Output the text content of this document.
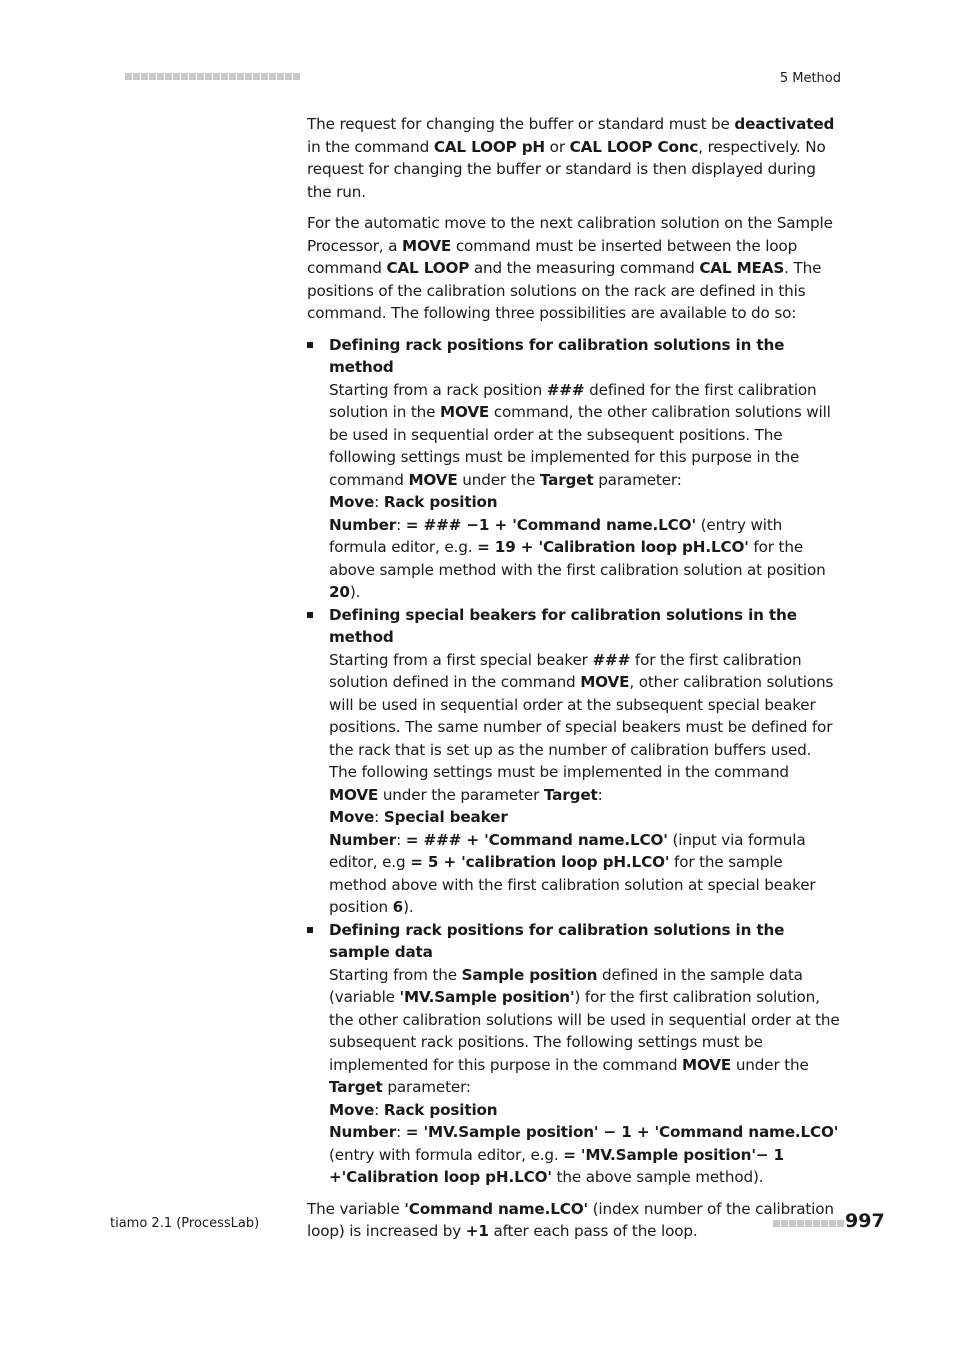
5 Method

The request for changing the buffer or standard must be deactivated in the command CAL LOOP pH or CAL LOOP Conc, respectively. No request for changing the buffer or standard is then displayed during the run.

For the automatic move to the next calibration solution on the Sample Processor, a MOVE command must be inserted between the loop command CAL LOOP and the measuring command CAL MEAS. The positions of the calibration solutions on the rack are defined in this command. The following three possibilities are available to do so:

Defining rack positions for calibration solutions in the method
Starting from a rack position ### defined for the first calibration solution in the MOVE command, the other calibration solutions will be used in sequential order at the subsequent positions. The following settings must be implemented for this purpose in the command MOVE under the Target parameter:
Move: Rack position
Number: = ### −1 + 'Command name.LCO' (entry with formula editor, e.g. = 19 + 'Calibration loop pH.LCO' for the above sample method with the first calibration solution at position 20).
Defining special beakers for calibration solutions in the method
Starting from a first special beaker ### for the first calibration solution defined in the command MOVE, other calibration solutions will be used in sequential order at the subsequent special beaker positions. The same number of special beakers must be defined for the rack that is set up as the number of calibration buffers used. The following settings must be implemented in the command MOVE under the parameter Target:
Move: Special beaker
Number: = ### + 'Command name.LCO' (input via formula editor, e.g = 5 + 'calibration loop pH.LCO' for the sample method above with the first calibration solution at special beaker position 6).
Defining rack positions for calibration solutions in the sample data
Starting from the Sample position defined in the sample data (variable 'MV.Sample position') for the first calibration solution, the other calibration solutions will be used in sequential order at the subsequent rack positions. The following settings must be implemented for this purpose in the command MOVE under the Target parameter:
Move: Rack position
Number: = 'MV.Sample position' − 1 + 'Command name.LCO' (entry with formula editor, e.g. = 'MV.Sample position'− 1 +'Calibration loop pH.LCO' the above sample method).

The variable 'Command name.LCO' (index number of the calibration loop) is increased by +1 after each pass of the loop.

tiamo 2.1 (ProcessLab)	997
